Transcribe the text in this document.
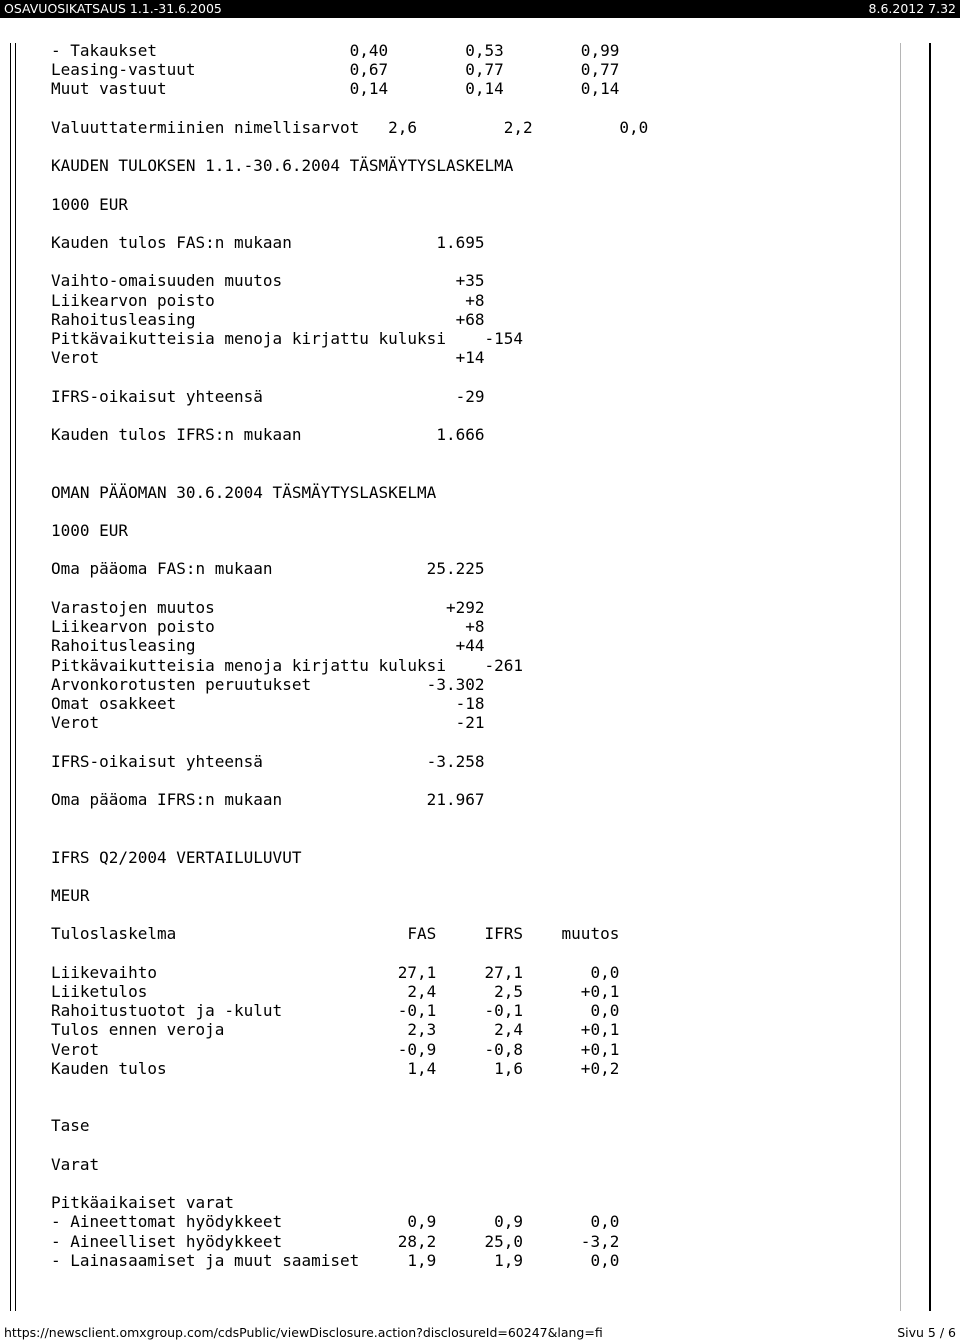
OSAVUOSIKATSAUS 1.1.-31.6.2005	8.6.2012 7.32
- Takaukset                    0,40        0,53        0,99
Leasing-vastuut                0,67        0,77        0,77
Muut vastuut                   0,14        0,14        0,14

Valuuttatermiinien nimellisarvot   2,6         2,2         0,0

KAUDEN TULOKSEN 1.1.-30.6.2004 TÄSMÄYTYSLASKELMA

1000 EUR

Kauden tulos FAS:n mukaan               1.695

Vaihto-omaisuuden muutos                  +35
Liikearvon poisto                          +8
Rahoitusleasing                           +68
Pitkävaikutteisia menoja kirjattu kuluksi    -154
Verot                                     +14

IFRS-oikaisut yhteensä                    -29

Kauden tulos IFRS:n mukaan              1.666

OMAN PÄÄOMAN 30.6.2004 TÄSMÄYTYSLASKELMA

1000 EUR

Oma pääoma FAS:n mukaan                25.225

Varastojen muutos                        +292
Liikearvon poisto                          +8
Rahoitusleasing                           +44
Pitkävaikutteisia menoja kirjattu kuluksi    -261
Arvonkorotusten peruutukset            -3.302
Omat osakkeet                             -18
Verot                                     -21

IFRS-oikaisut yhteensä                 -3.258

Oma pääoma IFRS:n mukaan               21.967

IFRS Q2/2004 VERTAILULUVUT

MEUR

Tuloslaskelma                        FAS     IFRS    muutos

Liikevaihto                         27,1     27,1       0,0
Liiketulos                           2,4      2,5      +0,1
Rahoitustuotot ja -kulut            -0,1     -0,1       0,0
Tulos ennen veroja                   2,3      2,4      +0,1
Verot                               -0,9     -0,8      +0,1
Kauden tulos                         1,4      1,6      +0,2

Tase

Varat

Pitkäaikaiset varat
- Aineettomat hyödykkeet             0,9      0,9       0,0
- Aineelliset hyödykkeet            28,2     25,0      -3,2
- Lainasaamiset ja muut saamiset     1,9      1,9       0,0

https://newsclient.omxgroup.com/cdsPublic/viewDisclosure.action?disclosureId=60247&lang=fi	Sivu 5 / 6
